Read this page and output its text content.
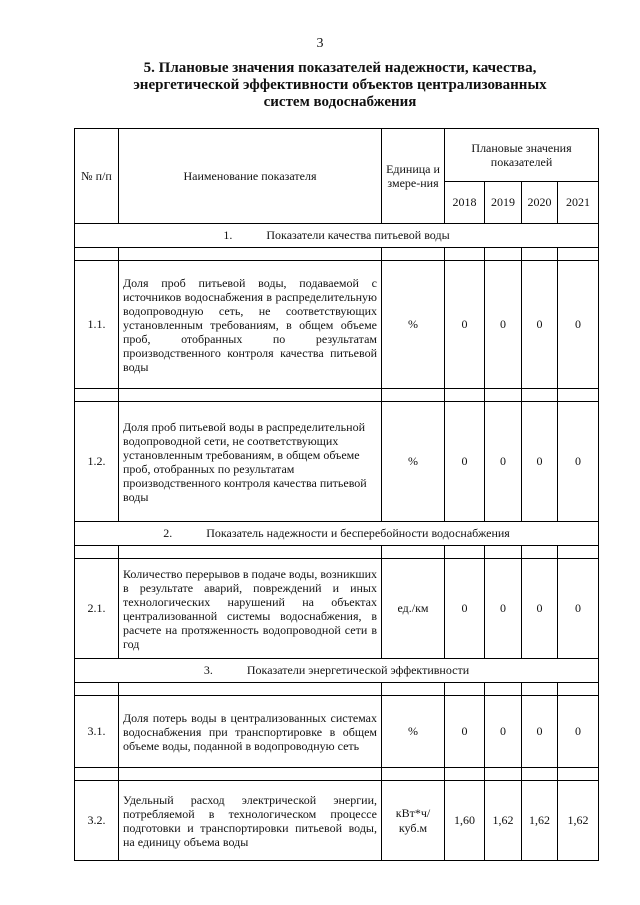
3
5. Плановые значения показателей надежности, качества,
энергетической эффективности объектов централизованных
систем водоснабжения
№ п/п	Наименование показателя	Единица измере-ния	Плановые значения показателей			
			2018	2019	2020	2021
1. Показатели качества питьевой воды						

1.1.	Доля проб питьевой воды, подаваемой с источников водоснабжения в распределительную водопроводную сеть, не соответствующих установленным требованиям, в общем объеме проб, отобранных по результатам производственного контроля качества питьевой воды	%	0	0	0	0

1.2.	Доля проб питьевой воды в распределительной водопроводной сети, не соответствующих установленным требованиям, в общем объеме проб, отобранных по результатам производственного контроля качества питьевой воды	%	0	0	0	0
2. Показатель надежности и бесперебойности водоснабжения						

2.1.	Количество перерывов в подаче воды, возникших в результате аварий, повреждений и иных технологических нарушений на объектах централизованной системы водоснабжения, в расчете на протяженность водопроводной сети в год	ед./км	0	0	0	0
3. Показатели энергетической эффективности						

3.1.	Доля потерь воды в централизованных системах водоснабжения при транспортировке в общем объеме воды, поданной в водопроводную сеть	%	0	0	0	0

3.2.	Удельный расход электрической энергии, потребляемой в технологическом процессе подготовки и транспортировки питьевой воды, на единицу объема воды	кВт*ч/ куб.м	1,60	1,62	1,62	1,62
